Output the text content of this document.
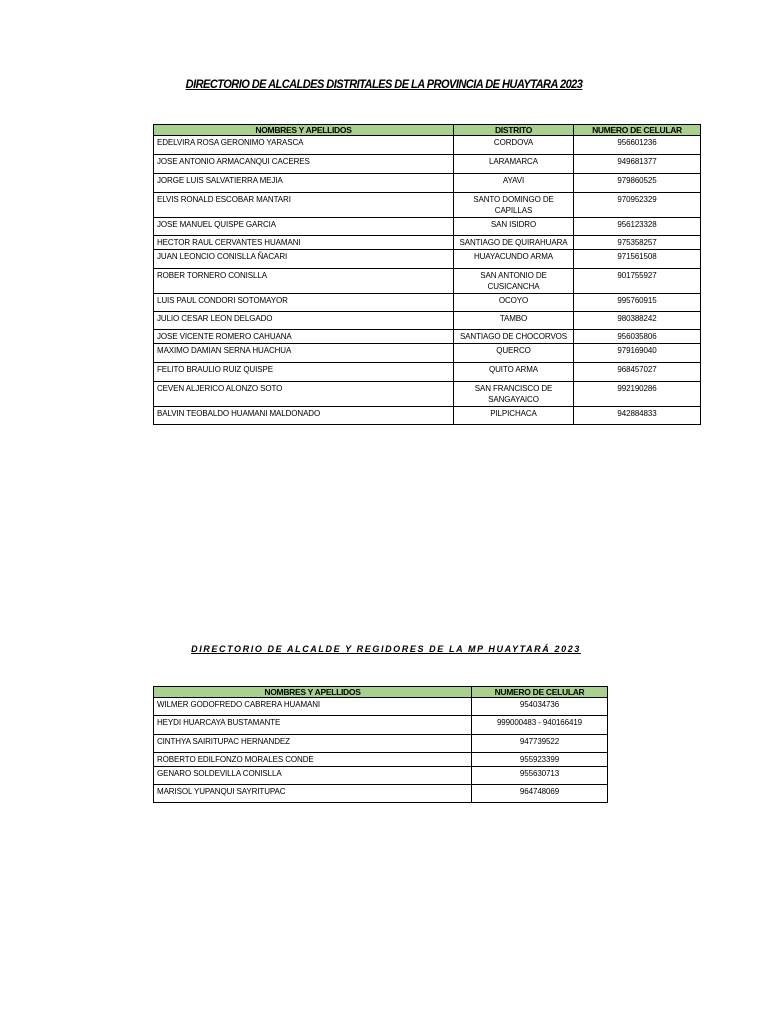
DIRECTORIO DE ALCALDES DISTRITALES DE LA PROVINCIA DE HUAYTARA 2023
NOMBRES Y APELLIDOS	DISTRITO	NUMERO DE CELULAR
EDELVIRA ROSA GERONIMO YARASCA	CORDOVA	956601236
JOSE ANTONIO ARMACANQUI CACERES	LARAMARCA	949681377
JORGE LUIS SALVATIERRA MEJIA	AYAVI	979860525
ELVIS RONALD ESCOBAR MANTARI	SANTO DOMINGO DE CAPILLAS	970952329
JOSE MANUEL QUISPE GARCIA	SAN ISIDRO	956123328
HECTOR RAUL CERVANTES HUAMANI	SANTIAGO DE QUIRAHUARA	975358257
JUAN LEONCIO CONISLLA ÑACARI	HUAYACUNDO ARMA	971561508
ROBER TORNERO CONISLLA	SAN ANTONIO DE CUSICANCHA	901755927
LUIS PAUL CONDORI SOTOMAYOR	OCOYO	995760915
JULIO CESAR LEON DELGADO	TAMBO	980388242
JOSE VICENTE ROMERO CAHUANA	SANTIAGO DE CHOCORVOS	956035806
MAXIMO DAMIAN SERNA HUACHUA	QUERCO	979169040
FELITO BRAULIO RUIZ QUISPE	QUITO ARMA	968457027
CEVEN ALJERICO ALONZO SOTO	SAN FRANCISCO DE SANGAYAICO	992190286
BALVIN TEOBALDO HUAMANI MALDONADO	PILPICHACA	942884833
DIRECTORIO DE ALCALDE Y REGIDORES DE LA MP HUAYTARÁ 2023
NOMBRES Y APELLIDOS	NUMERO DE CELULAR
WILMER GODOFREDO CABRERA HUAMANI	954034736
HEYDI HUARCAYA BUSTAMANTE	999000483 - 940166419
CINTHYA SAIRITUPAC HERNANDEZ	947739522
ROBERTO EDILFONZO MORALES CONDE	955923399
GENARO SOLDEVILLA CONISLLA	955630713
MARISOL YUPANQUI SAYRITUPAC	964748069
